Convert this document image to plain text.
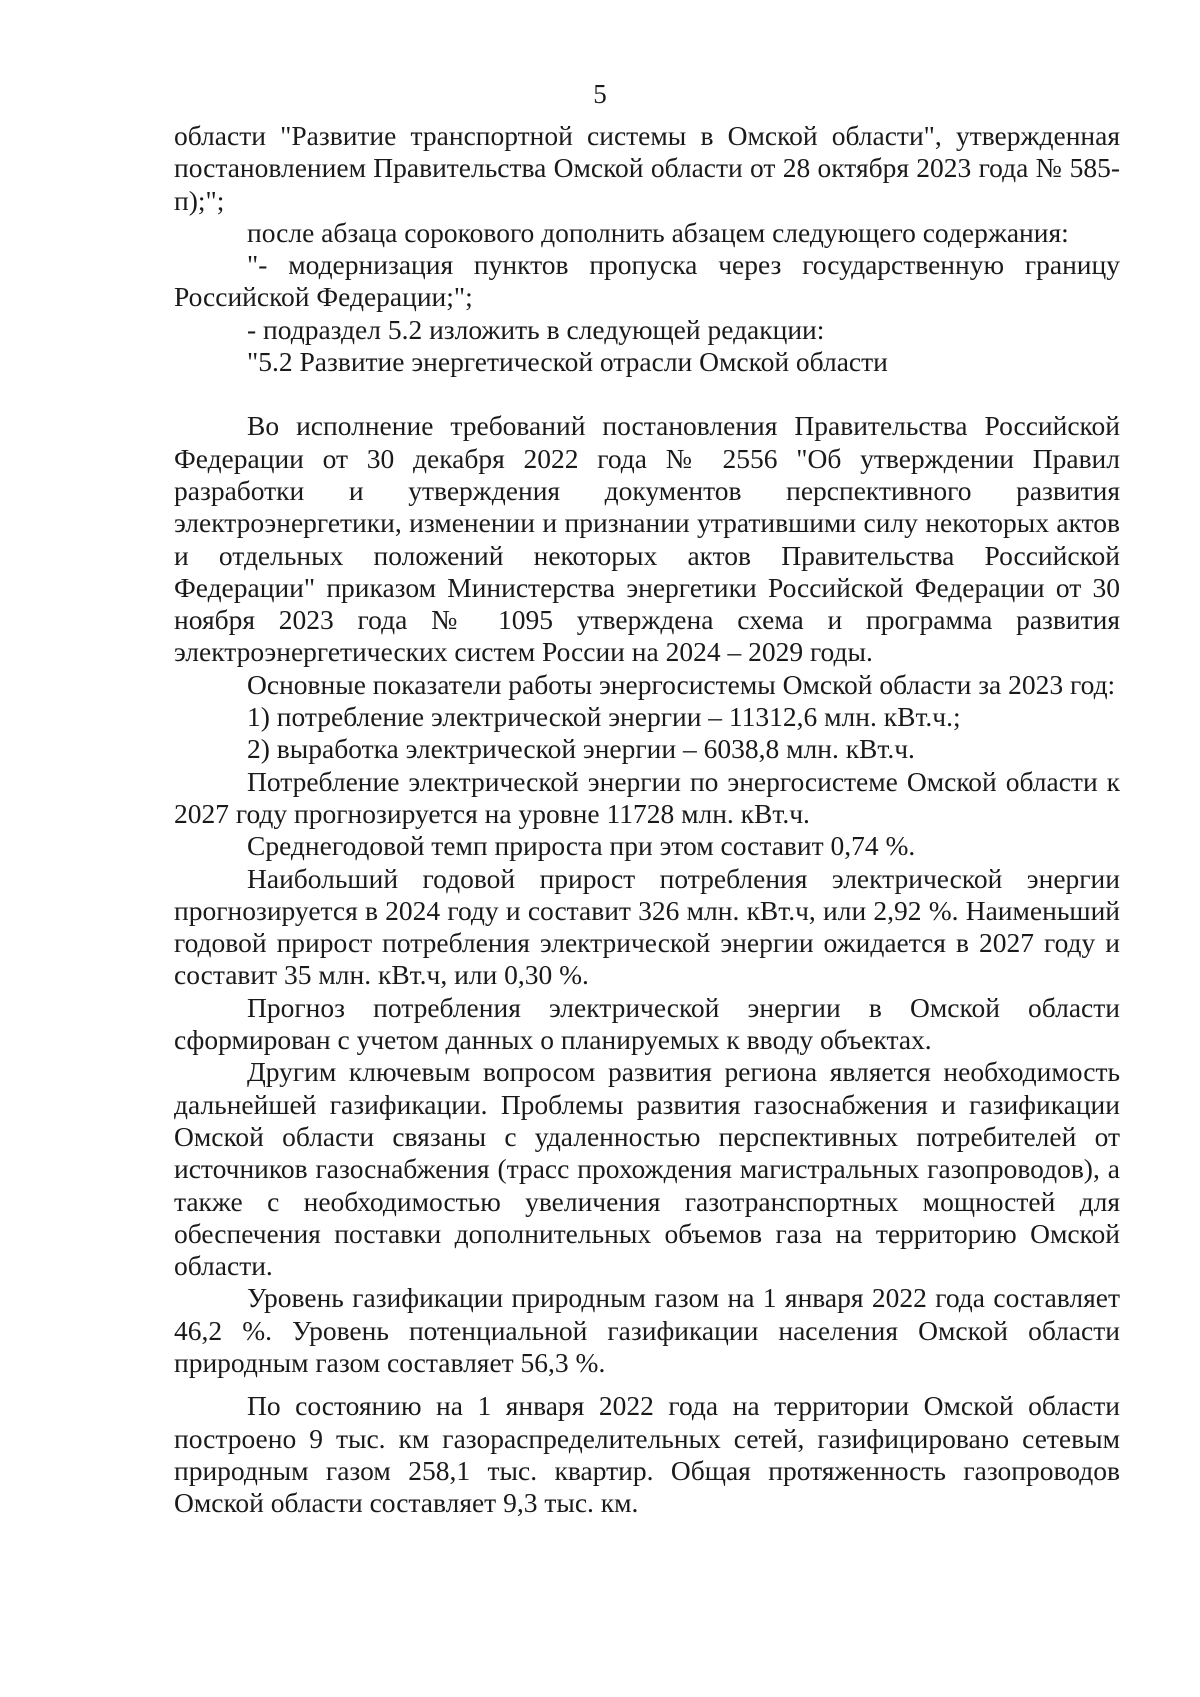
5

области "Развитие транспортной системы в Омской области", утвержденная постановлением Правительства Омской области от 28 октября 2023 года № 585-п);";

после абзаца сорокового дополнить абзацем следующего содержания:

"- модернизация пунктов пропуска через государственную границу Российской Федерации;";

- подраздел 5.2 изложить в следующей редакции:

"5.2 Развитие энергетической отрасли Омской области

Во исполнение требований постановления Правительства Российской Федерации от 30 декабря 2022 года № 2556 "Об утверждении Правил разработки и утверждения документов перспективного развития электроэнергетики, изменении и признании утратившими силу некоторых актов и отдельных положений некоторых актов Правительства Российской Федерации" приказом Министерства энергетики Российской Федерации от 30 ноября 2023 года № 1095 утверждена схема и программа развития электроэнергетических систем России на 2024 – 2029 годы.

Основные показатели работы энергосистемы Омской области за 2023 год:

1) потребление электрической энергии – 11312,6 млн. кВт.ч.;

2) выработка электрической энергии – 6038,8 млн. кВт.ч.

Потребление электрической энергии по энергосистеме Омской области к 2027 году прогнозируется на уровне 11728 млн. кВт.ч.

Среднегодовой темп прироста при этом составит 0,74 %.

Наибольший годовой прирост потребления электрической энергии прогнозируется в 2024 году и составит 326 млн. кВт.ч, или 2,92 %. Наименьший годовой прирост потребления электрической энергии ожидается в 2027 году и составит 35 млн. кВт.ч, или 0,30 %.

Прогноз потребления электрической энергии в Омской области сформирован с учетом данных о планируемых к вводу объектах.

Другим ключевым вопросом развития региона является необходимость дальнейшей газификации. Проблемы развития газоснабжения и газификации Омской области связаны с удаленностью перспективных потребителей от источников газоснабжения (трасс прохождения магистральных газопроводов), а также с необходимостью увеличения газотранспортных мощностей для обеспечения поставки дополнительных объемов газа на территорию Омской области.

Уровень газификации природным газом на 1 января 2022 года составляет 46,2 %. Уровень потенциальной газификации населения Омской области природным газом составляет 56,3 %.

По состоянию на 1 января 2022 года на территории Омской области построено 9 тыс. км газораспределительных сетей, газифицировано сетевым природным газом 258,1 тыс. квартир. Общая протяженность газопроводов Омской области составляет 9,3 тыс. км.
